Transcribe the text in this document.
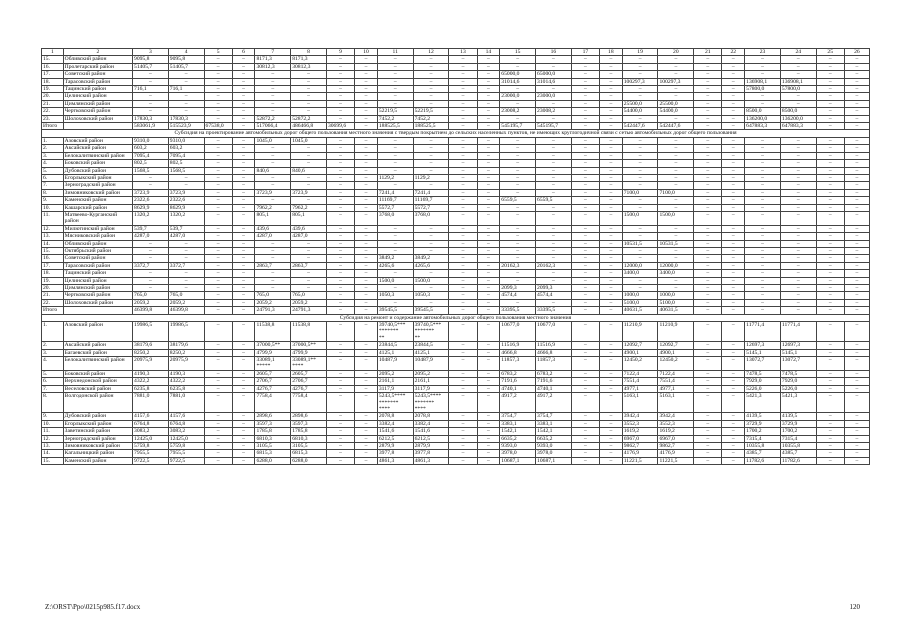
1	2	3	4	5	6	7	8	9	10	11	12	13	14	15	16	17	18	19	20	21	22	23	24	25	26
15.	Обливский район	9095,8	9095,8	–	–	8171,3	8171,3	–	–	–	–	–	–	–	–	–	–	–	–	–	–	–	–	–	–
16.	Пролетарский район	51405,7	51405,7	–	–	30812,3	30812,3	–	–	–	–	–	–	–	–	–	–	–	–	–	–	–	–	–	–
17.	Советский район	–	–	–	–	–	–	–	–	–	–	–	–	65000,0	65000,0	–	–	–	–	–	–	–	–	–	–
18.	Тарасовский район	–	–	–	–	–	–	–	–	–	–	–	–	31014,6	31014,6	–	–	100297,3	100297,3	–	–	136908,1	136908,1	–	–
19.	Тацинский район	716,1	716,1	–	–	–	–	–	–	–	–	–	–	–	–	–	–	–	–	–	–	57800,0	57800,0	–	–
20.	Целинский район	–	–	–	–	–	–	–	–	–	–	–	–	23000,0	23000,0	–	–	–	–	–	–	–	–	–	–
21.	Цимлянский район	–	–	–	–	–	–	–	–	–	–	–	–	–	–	–	–	25500,0	25500,0	–	–	–	–	–	–
22.	Чертковский район	–	–	–	–	–	–	–	–	52219,5	52219,5	–	–	23008,2	23008,2	–	–	54400,0	54400,0	–	–	8500,0	8500,0	–	–
23.	Шолоховский район	17830,3	17830,3	–	–	52872,2	52872,2	–	–	7452,2	7452,2	–	–	–	–	–	–	–	–	–	–	136200,0	136200,0	–	–
Итого		583061,9	515523,9	67538,0	–	517066,4	486466,8	30699,6	–	188525,5	188525,5	–	–	545195,7	545195,7	–	–	542447,6	542447,6	–	–	647883,3	647883,3	–	–
Субсидия на проектирование автомобильных дорог общего пользования местного значения с твердым покрытием до сельских населенных пунктов, не имеющих круглогодичной связи с сетью автомобильных дорог общего пользования																									
1.	Азовский район	9310,0	9310,0	–	–	1045,0	1045,0	–	–	–	–	–	–	–	–	–	–	–	–	–	–	–	–	–	–
2.	Аксайский район	603,2	603,2	–	–	–	–	–	–	–	–	–	–	–	–	–	–	–	–	–	–	–	–	–	–
3.	Белокалитвинский район	7095,4	7095,4	–	–	–	–	–	–	–	–	–	–	–	–	–	–	–	–	–	–	–	–	–	–
4.	Боковский район	802,5	802,5	–	–	–	–	–	–	–	–	–	–	–	–	–	–	–	–	–	–	–	–	–	–
5.	Дубовский район	1568,5	1568,5	–	–	840,6	840,6	–	–	–	–	–	–	–	–	–	–	–	–	–	–	–	–	–	–
6.	Егорлыкский район	–	–	–	–	–	–	–	–	1129,2	1129,2	–	–	–	–	–	–	–	–	–	–	–	–	–	–
7.	Зерноградский район	–	–	–	–	–	–	–	–	–	–	–	–	–	–	–	–	–	–	–	–	–	–	–	–
8.	Зимовниковский район	3723,9	3723,9	–	–	3723,9	3723,9	–	–	7241,4	7241,4	–	–	–	–	–	–	7100,0	7100,0	–	–	–	–	–	–
9.	Каменский район	2322,6	2322,6	–	–	–	–	–	–	11169,7	11169,7	–	–	6559,5	6559,5	–	–	–	–	–	–	–	–	–	–
10.	Кашарский район	8629,9	8629,9	–	–	7962,2	7962,2	–	–	5572,7	5572,7	–	–	–	–	–	–	–	–	–	–	–	–	–	–
11.	Матвеево-Курганский район	1320,2	1320,2	–	–	805,1	805,1	–	–	3768,0	3768,0	–	–	–	–	–	–	1500,0	1500,0	–	–	–	–	–	–
12.	Милютинский район	539,7	539,7	–	–	439,6	439,6	–	–	–	–	–	–	–	–	–	–	–	–	–	–	–	–	–	–
13.	Мясниковский район	4287,0	4287,0	–	–	4287,0	4287,0	–	–	–	–	–	–	–	–	–	–	–	–	–	–	–	–	–	–
14.	Обливский район	–	–	–	–	–	–	–	–	–	–	–	–	–	–	–	–	10531,5	10531,5	–	–	–	–	–	–
15.	Октябрьский район	–	–	–	–	–	–	–	–	–	–	–	–	–	–	–	–	–	–	–	–	–	–	–	–
16.	Советский район	–	–	–	–	–	–	–	–	3849,2	3849,2	–	–	–	–	–	–	–	–	–	–	–	–	–	–
17.	Тарасовский район	3372,7	3372,7	–	–	2863,7	2863,7	–	–	4265,6	4265,6	–	–	20162,3	20162,3	–	–	12000,0	12000,0	–	–	–	–	–	–
18.	Тацинский район	–	–	–	–	–	–	–	–	–	–	–	–	–	–	–	–	3400,0	3400,0	–	–	–	–	–	–
19.	Целинский район	–	–	–	–	–	–	–	–	1500,0	1500,0	–	–	–	–	–	–	–	–	–	–	–	–	–	–
20.	Цимлянский район	–	–	–	–	–	–	–	–	–	–	–	–	2099,3	2099,3	–	–	–	–	–	–	–	–	–	–
21.	Чертковский район	765,0	765,0	–	–	765,0	765,0	–	–	1050,3	1050,3	–	–	4574,4	4574,4	–	–	1000,0	1000,0	–	–	–	–	–	–
22.	Шолоховский район	2059,2	2059,2	–	–	2059,2	2059,2	–	–	–	–	–	–	–	–	–	–	5100,0	5100,0	–	–	–	–	–	–
Итого		46399,8	46399,8	–	–	24791,3	24791,3	–	–	39545,5	39545,5	–	–	33395,5	33395,5	–	–	40631,5	40631,5	–	–	–	–	–	–
Субсидия на ремонт и содержание автомобильных дорог общего пользования местного значения																									
1.	Азовский район	19986,5	19986,5	–	–	11538,8	11538,8	–	–	39740,5***
*******
**	39740,5***
*******
**	–	–	10677,0	10677,0	–	–	11210,9	11210,9	–	–	11771,4	11771,4	–	–
2.	Аксайский район	38179,6	38179,6	–	–	37000,5**	37000,5**	–	–	23844,5	23844,5	–	–	11516,9	11516,9	–	–	12092,7	12092,7	–	–	12697,3	12697,3	–	–
3.	Багаевский район	8250,2	8250,2	–	–	4799,9	4799,9	–	–	4125,1	4125,1	–	–	4666,8	4666,8	–	–	4900,1	4900,1	–	–	5145,1	5145,1	–	–
4.	Белокалитвинский район	20975,9	20975,9	–	–	33089,1
*****	33089,1**
****	–	–	10487,9	10487,9	–	–	11857,3	11857,3	–	–	12450,2	12450,2	–	–	13072,7	13072,7	–	–
5.	Боковский район	4190,3	4190,3	–	–	2605,7	2605,7	–	–	2095,2	2095,2	–	–	6783,2	6783,2	–	–	7122,4	7122,4	–	–	7478,5	7478,5	–	–
6.	Верхнедонской район	4322,2	4322,2	–	–	2706,7	2706,7	–	–	2161,1	2161,1	–	–	7191,6	7191,6	–	–	7551,4	7551,4	–	–	7929,0	7929,0	–	–
7.	Веселовский район	6235,8	6235,8	–	–	4276,7	4276,7	–	–	3117,9	3117,9	–	–	4740,1	4740,1	–	–	4977,1	4977,1	–	–	5226,0	5226,0	–	–
8.	Волгодонской район	7881,0	7881,0	–	–	7758,4	7758,4	–	–	5243,5****
*******
****	5243,5****
*******
****	–	–	4917,2	4917,2	–	–	5163,1	5163,1	–	–	5421,3	5421,3	–	–
9.	Дубовский район	4157,6	4157,6	–	–	2898,6	2898,6	–	–	2078,8	2078,8	–	–	3754,7	3754,7	–	–	3942,4	3942,4	–	–	4139,5	4139,5	–	–
10.	Егорлыкский район	6764,8	6764,8	–	–	3597,3	3597,3	–	–	3382,4	3382,4	–	–	3383,1	3383,1	–	–	3552,3	3552,3	–	–	3729,9	3729,9	–	–
11.	Заветинский район	3083,2	3083,2	–	–	1785,8	1785,8	–	–	1541,6	1541,6	–	–	1542,1	1542,1	–	–	1619,2	1619,2	–	–	1700,2	1700,2	–	–
12.	Зерноградский район	12425,0	12425,0	–	–	6810,3	6810,3	–	–	6212,5	6212,5	–	–	6635,2	6635,2	–	–	6967,0	6967,0	–	–	7315,4	7315,4	–	–
13.	Зимовниковский район	5759,8	5759,8	–	–	3105,5	3105,5	–	–	2879,9	2879,9	–	–	9393,0	9393,0	–	–	9862,7	9862,7	–	–	10355,8	10355,8	–	–
14.	Кагальницкий район	7955,5	7955,5	–	–	6815,3	6815,3	–	–	3977,8	3977,8	–	–	3978,0	3978,0	–	–	4176,9	4176,9	–	–	4385,7	4385,7	–	–
15.	Каменский район	9722,5	9722,5	–	–	6288,0	6288,0	–	–	4861,3	4861,3	–	–	10687,1	10687,1	–	–	11221,5	11221,5	–	–	11782,6	11782,6	–	–
Z:\ORST\Ppo\0215p985.f17.docx	120
